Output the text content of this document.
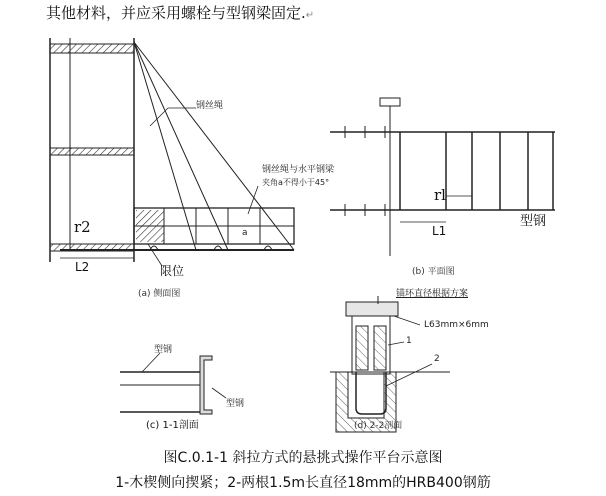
其他材料，并应采用螺栓与型钢梁固定.↵
钢丝绳
钢丝绳与水平钢梁
夹角a不得小于45°
a
r2
L2	限位
(a) 侧面图
rl
型钢
L1
(b) 平面图
型钢
型钢
(c) 1-1剖面
锚环直径根据方案
L63mm×6mm
1
2
(d) 2-2剖面
图C.0.1-1 斜拉方式的悬挑式操作平台示意图
1-木楔侧向揳紧；2-两根1.5m长直径18mm的HRB400钢筋
